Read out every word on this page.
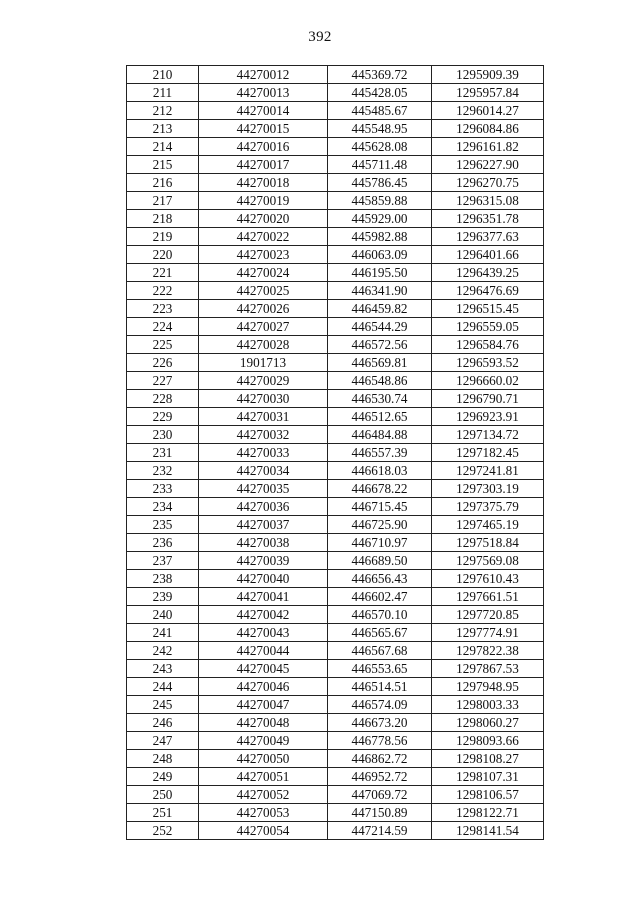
392
210	44270012	445369.72	1295909.39
211	44270013	445428.05	1295957.84
212	44270014	445485.67	1296014.27
213	44270015	445548.95	1296084.86
214	44270016	445628.08	1296161.82
215	44270017	445711.48	1296227.90
216	44270018	445786.45	1296270.75
217	44270019	445859.88	1296315.08
218	44270020	445929.00	1296351.78
219	44270022	445982.88	1296377.63
220	44270023	446063.09	1296401.66
221	44270024	446195.50	1296439.25
222	44270025	446341.90	1296476.69
223	44270026	446459.82	1296515.45
224	44270027	446544.29	1296559.05
225	44270028	446572.56	1296584.76
226	1901713	446569.81	1296593.52
227	44270029	446548.86	1296660.02
228	44270030	446530.74	1296790.71
229	44270031	446512.65	1296923.91
230	44270032	446484.88	1297134.72
231	44270033	446557.39	1297182.45
232	44270034	446618.03	1297241.81
233	44270035	446678.22	1297303.19
234	44270036	446715.45	1297375.79
235	44270037	446725.90	1297465.19
236	44270038	446710.97	1297518.84
237	44270039	446689.50	1297569.08
238	44270040	446656.43	1297610.43
239	44270041	446602.47	1297661.51
240	44270042	446570.10	1297720.85
241	44270043	446565.67	1297774.91
242	44270044	446567.68	1297822.38
243	44270045	446553.65	1297867.53
244	44270046	446514.51	1297948.95
245	44270047	446574.09	1298003.33
246	44270048	446673.20	1298060.27
247	44270049	446778.56	1298093.66
248	44270050	446862.72	1298108.27
249	44270051	446952.72	1298107.31
250	44270052	447069.72	1298106.57
251	44270053	447150.89	1298122.71
252	44270054	447214.59	1298141.54
